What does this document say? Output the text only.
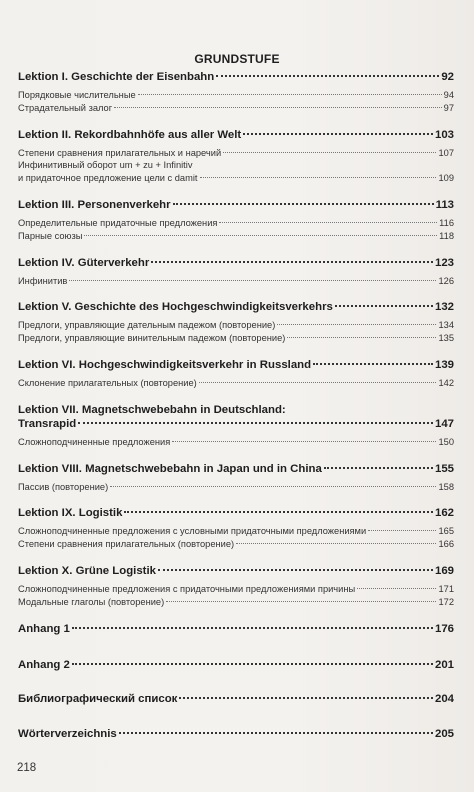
GRUNDSTUFE
Lektion I. Geschichte der Eisenbahn	92
Порядковые числительные	94
Страдательный залог	97
Lektion II. Rekordbahnhöfe aus aller Welt	103
Степени сравнения прилагательных и наречий	107
Инфинитивный оборот um + zu + Infinitiv
и придаточное предложение цели с damit	109
Lektion III. Personenverkehr	113
Определительные придаточные предложения	116
Парные союзы	118
Lektion IV. Güterverkehr	123
Инфинитив	126
Lektion V. Geschichte des Hochgeschwindigkeitsverkehrs	132
Предлоги, управляющие дательным падежом (повторение)	134
Предлоги, управляющие винительным падежом (повторение)	135
Lektion VI. Hochgeschwindigkeitsverkehr in Russland	139
Склонение прилагательных (повторение)	142
Lektion VII. Magnetschwebebahn in Deutschland:
Transrapid	147
Сложноподчиненные предложения	150
Lektion VIII. Magnetschwebebahn in Japan und in China	155
Пассив (повторение)	158
Lektion IX. Logistik	162
Сложноподчиненные предложения с условными придаточными предложениями	165
Степени сравнения прилагательных (повторение)	166
Lektion X. Grüne Logistik	169
Сложноподчиненные предложения с придаточными предложениями причины	171
Модальные глаголы (повторение)	172
Anhang 1	176
Anhang 2	201
Библиографический список	204
Wörterverzeichnis	205
218
